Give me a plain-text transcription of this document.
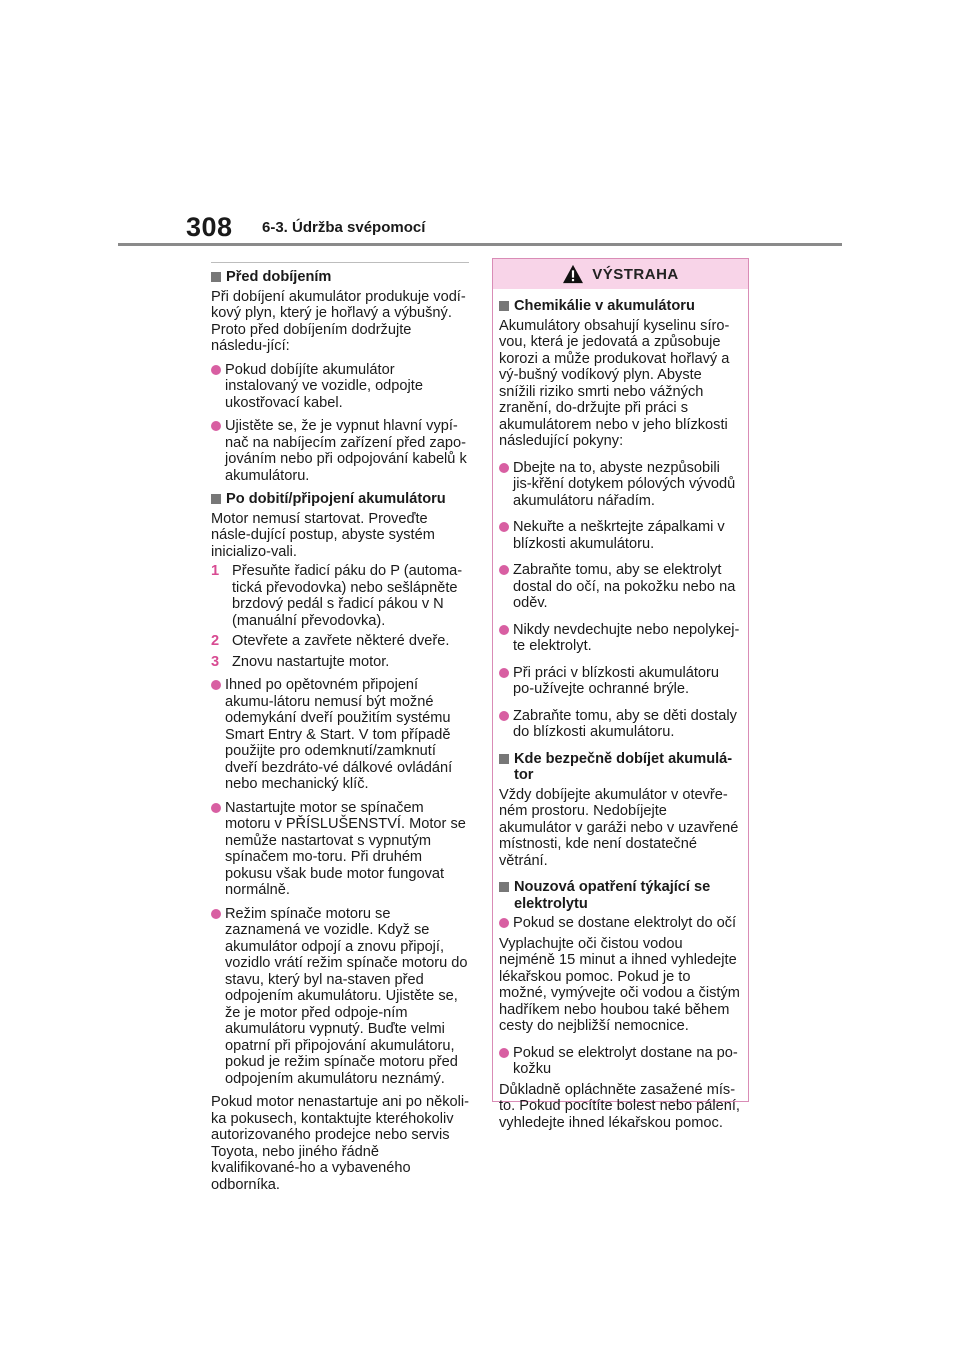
308 6-3. Údržba svépomocí
Před dobíjením
Při dobíjení akumulátor produkuje vodí-kový plyn, který je hořlavý a výbušný. Proto před dobíjením dodržujte následu-jící:
Pokud dobíjíte akumulátor instalovaný ve vozidle, odpojte ukostřovací kabel.
Ujistěte se, že je vypnut hlavní vypí-nač na nabíjecím zařízení před zapo-jováním nebo při odpojování kabelů k akumulátoru.
Po dobití/připojení akumulátoru
Motor nemusí startovat. Proveďte násle-dující postup, abyste systém inicializo-vali.
1 Přesuňte řadicí páku do P (automa-tická převodovka) nebo sešlápněte brzdový pedál s řadicí pákou v N (manuální převodovka).
2 Otevřete a zavřete některé dveře.
3 Znovu nastartujte motor.
Ihned po opětovném připojení akumu-látoru nemusí být možné odemykání dveří použitím systému Smart Entry & Start. V tom případě použijte pro odemknutí/zamknutí dveří bezdráto-vé dálkové ovládání nebo mechanický klíč.
Nastartujte motor se spínačem motoru v PŘÍSLUŠENSTVÍ. Motor se nemůže nastartovat s vypnutým spínačem mo-toru. Při druhém pokusu však bude motor fungovat normálně.
Režim spínače motoru se zaznamená ve vozidle. Když se akumulátor odpojí a znovu připojí, vozidlo vrátí režim spínače motoru do stavu, který byl na-staven před odpojením akumulátoru. Ujistěte se, že je motor před odpoje-ním akumulátoru vypnutý. Buďte velmi opatrní při připojování akumulátoru, pokud je režim spínače motoru před odpojením akumulátoru neznámý.
Pokud motor nenastartuje ani po několi-ka pokusech, kontaktujte kteréhokoliv autorizovaného prodejce nebo servis Toyota, nebo jiného řádně kvalifikované-ho a vybaveného odborníka.
VÝSTRAHA
Chemikálie v akumulátoru
Akumulátory obsahují kyselinu síro-vou, která je jedovatá a způsobuje korozi a může produkovat hořlavý a vý-bušný vodíkový plyn. Abyste snížili riziko smrti nebo vážných zranění, do-držujte při práci s akumulátorem nebo v jeho blízkosti následující pokyny:
Dbejte na to, abyste nezpůsobili jis-křění dotykem pólových vývodů akumulátoru nářadím.
Nekuřte a neškrtejte zápalkami v blízkosti akumulátoru.
Zabraňte tomu, aby se elektrolyt dostal do očí, na pokožku nebo na oděv.
Nikdy nevdechujte nebo nepolykej-te elektrolyt.
Při práci v blízkosti akumulátoru po-užívejte ochranné brýle.
Zabraňte tomu, aby se děti dostaly do blízkosti akumulátoru.
Kde bezpečně dobíjet akumulá-tor
Vždy dobíjejte akumulátor v otevře-ném prostoru. Nedobíjejte akumulátor v garáži nebo v uzavřené místnosti, kde není dostatečné větrání.
Nouzová opatření týkající se elektrolytu
Pokud se dostane elektrolyt do očí
Vyplachujte oči čistou vodou nejméně 15 minut a ihned vyhledejte lékařskou pomoc. Pokud je to možné, vymývejte oči vodou a čistým hadříkem nebo houbou také během cesty do nejbližší nemocnice.
Pokud se elektrolyt dostane na po-kožku
Důkladně opláchněte zasažené mís-to. Pokud pocítíte bolest nebo pálení, vyhledejte ihned lékařskou pomoc.
